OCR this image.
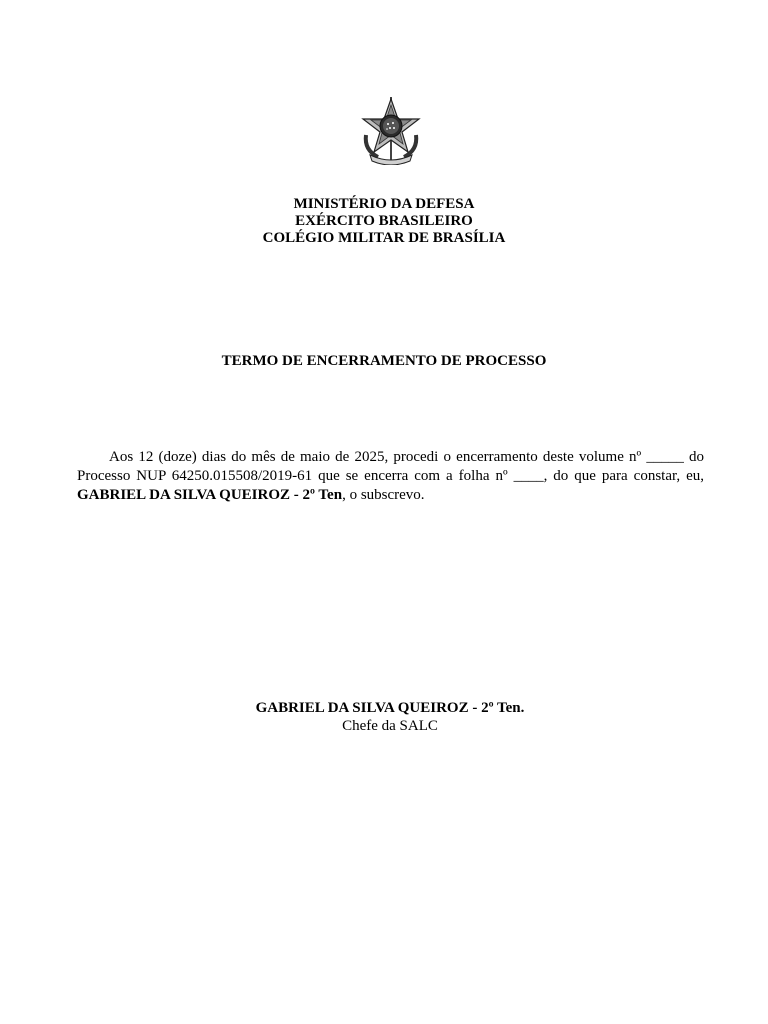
MINISTÉRIO DA DEFESA
EXÉRCITO BRASILEIRO
COLÉGIO MILITAR DE BRASÍLIA
TERMO DE ENCERRAMENTO DE PROCESSO
Aos 12 (doze) dias do mês de maio de 2025, procedi o encerramento deste volume nº _____ do Processo NUP 64250.015508/2019-61 que se encerra com a folha nº ____, do que para constar, eu, GABRIEL DA SILVA QUEIROZ - 2º Ten, o subscrevo.
GABRIEL DA SILVA QUEIROZ - 2º Ten.
Chefe da SALC
